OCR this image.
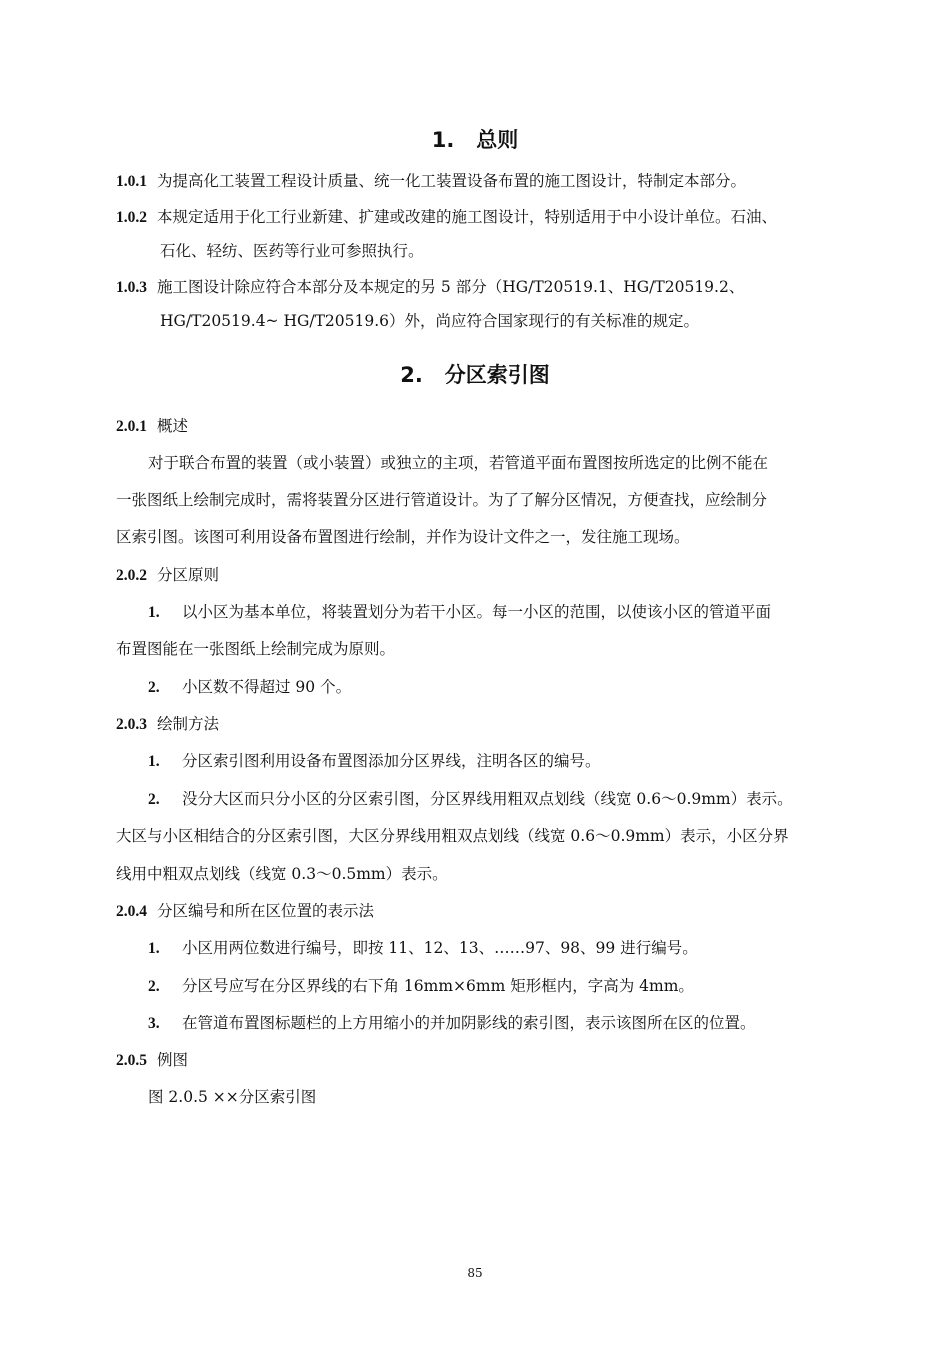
1. 总则
1.0.1 为提高化工装置工程设计质量、统一化工装置设备布置的施工图设计，特制定本部分。
1.0.2 本规定适用于化工行业新建、扩建或改建的施工图设计，特别适用于中小设计单位。石油、
石化、轻纺、医药等行业可参照执行。
1.0.3 施工图设计除应符合本部分及本规定的另 5 部分（HG/T20519.1、HG/T20519.2、
HG/T20519.4~ HG/T20519.6）外，尚应符合国家现行的有关标准的规定。
2. 分区索引图
2.0.1 概述
对于联合布置的装置（或小装置）或独立的主项，若管道平面布置图按所选定的比例不能在
一张图纸上绘制完成时，需将装置分区进行管道设计。为了了解分区情况，方便查找，应绘制分
区索引图。该图可利用设备布置图进行绘制，并作为设计文件之一，发往施工现场。
2.0.2 分区原则
1. 以小区为基本单位，将装置划分为若干小区。每一小区的范围，以使该小区的管道平面
布置图能在一张图纸上绘制完成为原则。
2. 小区数不得超过 90 个。
2.0.3 绘制方法
1. 分区索引图利用设备布置图添加分区界线，注明各区的编号。
2. 没分大区而只分小区的分区索引图，分区界线用粗双点划线（线宽 0.6～0.9mm）表示。
大区与小区相结合的分区索引图，大区分界线用粗双点划线（线宽 0.6～0.9mm）表示，小区分界
线用中粗双点划线（线宽 0.3～0.5mm）表示。
2.0.4 分区编号和所在区位置的表示法
1. 小区用两位数进行编号，即按 11、12、13、……97、98、99 进行编号。
2. 分区号应写在分区界线的右下角 16mm×6mm 矩形框内，字高为 4mm。
3. 在管道布置图标题栏的上方用缩小的并加阴影线的索引图，表示该图所在区的位置。
2.0.5 例图
图 2.0.5 ××分区索引图
85
